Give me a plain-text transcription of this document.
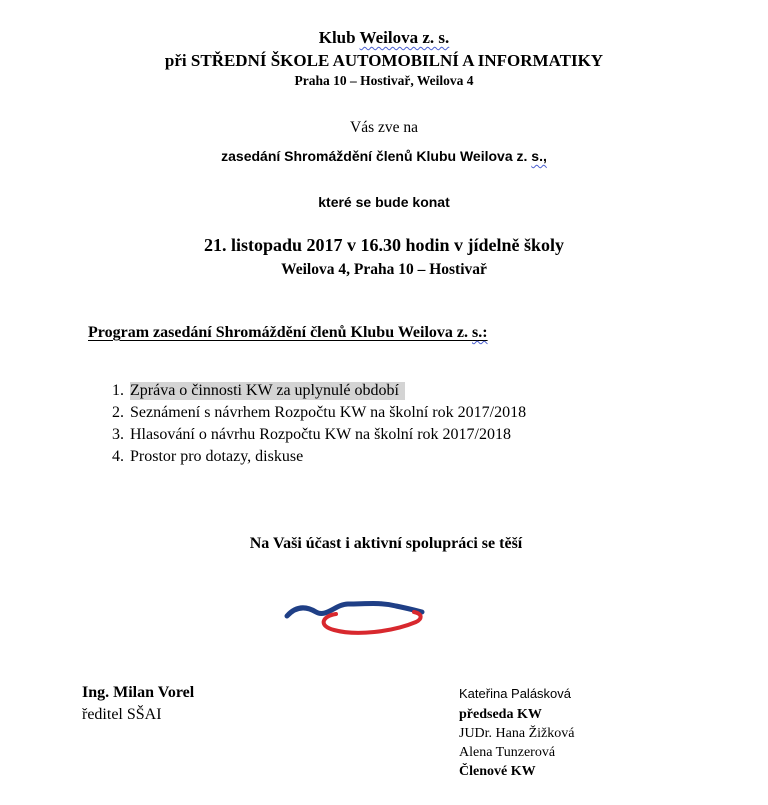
Klub Weilova z. s.
při STŘEDNÍ ŠKOLE AUTOMOBILNÍ A INFORMATIKY
Praha 10 – Hostivař, Weilova 4
Vás zve na
zasedání Shromáždění členů Klubu Weilova z. s.,
které se bude konat
21. listopadu 2017 v 16.30 hodin v jídelně školy
Weilova 4, Praha 10 – Hostivař
Program zasedání Shromáždění členů Klubu Weilova z. s.:
1. Zpráva o činnosti KW za uplynulé období
2. Seznámení s návrhem Rozpočtu KW na školní rok 2017/2018
3. Hlasování o návrhu Rozpočtu KW na školní rok 2017/2018
4. Prostor pro dotazy, diskuse
Na Vaši účast i aktivní spolupráci se těší
Ing. Milan Vorel
ředitel SŠAI
Kateřina Palásková
předseda KW
JUDr. Hana Žižková
Alena Tunzerová
Členové KW
